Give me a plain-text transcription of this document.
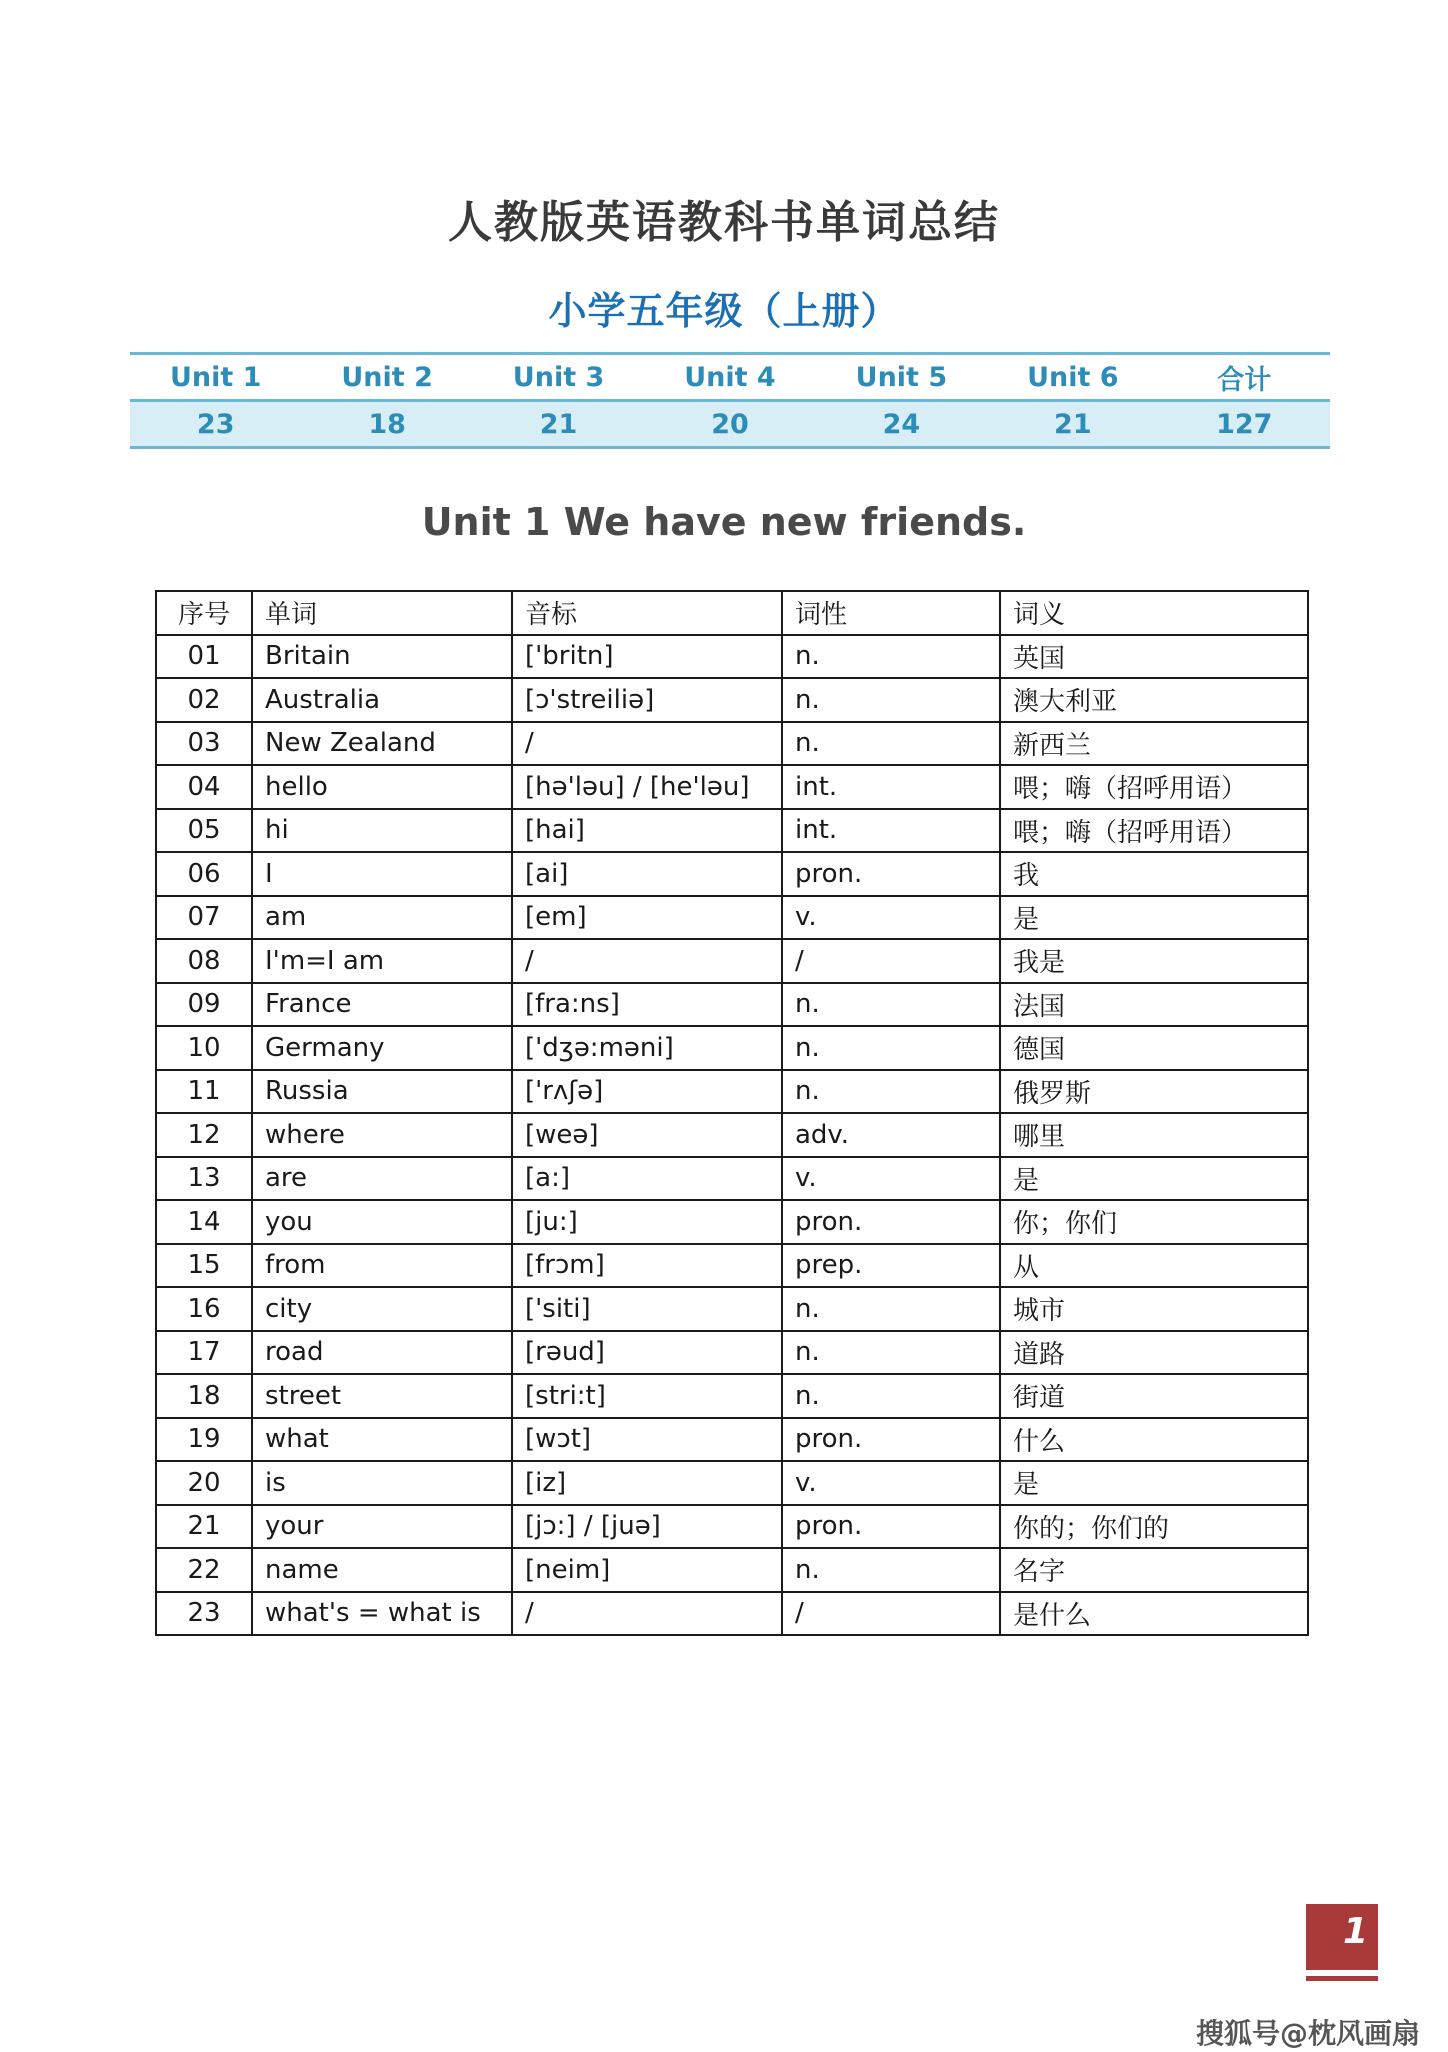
人教版英语教科书单词总结
小学五年级（上册）
Unit 1	Unit 2	Unit 3	Unit 4	Unit 5	Unit 6	合计
23	18	21	20	24	21	127
Unit 1 We have new friends.
序号	单词	音标	词性	词义
01	Britain	['britn]	n.	英国
02	Australia	[ɔ'streiliə]	n.	澳大利亚
03	New Zealand	/	n.	新西兰
04	hello	[hə'ləu] / [he'ləu]	int.	喂；嗨（招呼用语）
05	hi	[hai]	int.	喂；嗨（招呼用语）
06	I	[ai]	pron.	我
07	am	[em]	v.	是
08	I'm=I am	/	/	我是
09	France	[fra:ns]	n.	法国
10	Germany	['dʒə:məni]	n.	德国
11	Russia	['rʌʃə]	n.	俄罗斯
12	where	[weə]	adv.	哪里
13	are	[a:]	v.	是
14	you	[ju:]	pron.	你；你们
15	from	[frɔm]	prep.	从
16	city	['siti]	n.	城市
17	road	[rəud]	n.	道路
18	street	[stri:t]	n.	街道
19	what	[wɔt]	pron.	什么
20	is	[iz]	v.	是
21	your	[jɔ:] / [juə]	pron.	你的；你们的
22	name	[neim]	n.	名字
23	what's = what is	/	/	是什么
1
搜狐号@枕风画扇
